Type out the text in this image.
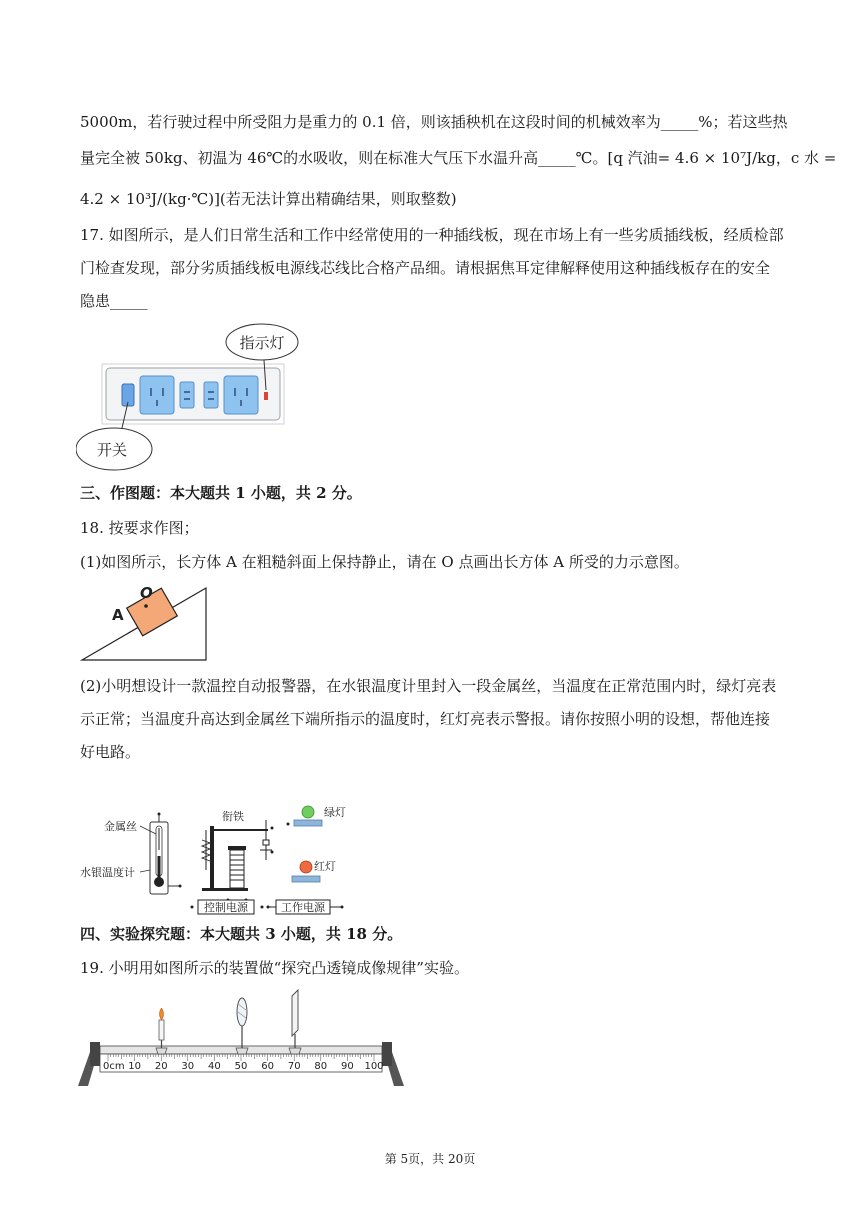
5000m，若行驶过程中所受阻力是重力的 0.1 倍，则该插秧机在这段时间的机械效率为_____%；若这些热
量完全被 50kg、初温为 46℃的水吸收，则在标准大气压下水温升高_____℃。[q 汽油= 4.6 × 10⁷J/kg，c 水 =
4.2 × 10³J/(kg·℃)](若无法计算出精确结果，则取整数)
17. 如图所示，是人们日常生活和工作中经常使用的一种插线板，现在市场上有一些劣质插线板，经质检部
门检查发现，部分劣质插线板电源线芯线比合格产品细。请根据焦耳定律解释使用这种插线板存在的安全
隐患_____
指示灯
开关
三、作图题：本大题共 1 小题，共 2 分。
18. 按要求作图；
(1)如图所示，长方体 A 在粗糙斜面上保持静止，请在 O 点画出长方体 A 所受的力示意图。
O
A
(2)小明想设计一款温控自动报警器，在水银温度计里封入一段金属丝，当温度在正常范围内时，绿灯亮表
示正常；当温度升高达到金属丝下端所指示的温度时，红灯亮表示警报。请你按照小明的设想，帮他连接
好电路。
金属丝
水银温度计
衔铁	绿灯
红灯
控制电源	工作电源
四、实验探究题：本大题共 3 小题，共 18 分。
19. 小明用如图所示的装置做“探究凸透镜成像规律”实验。
0cm 10 20 30 40 50 60 70 80 90 100
第 5页，共 20页
